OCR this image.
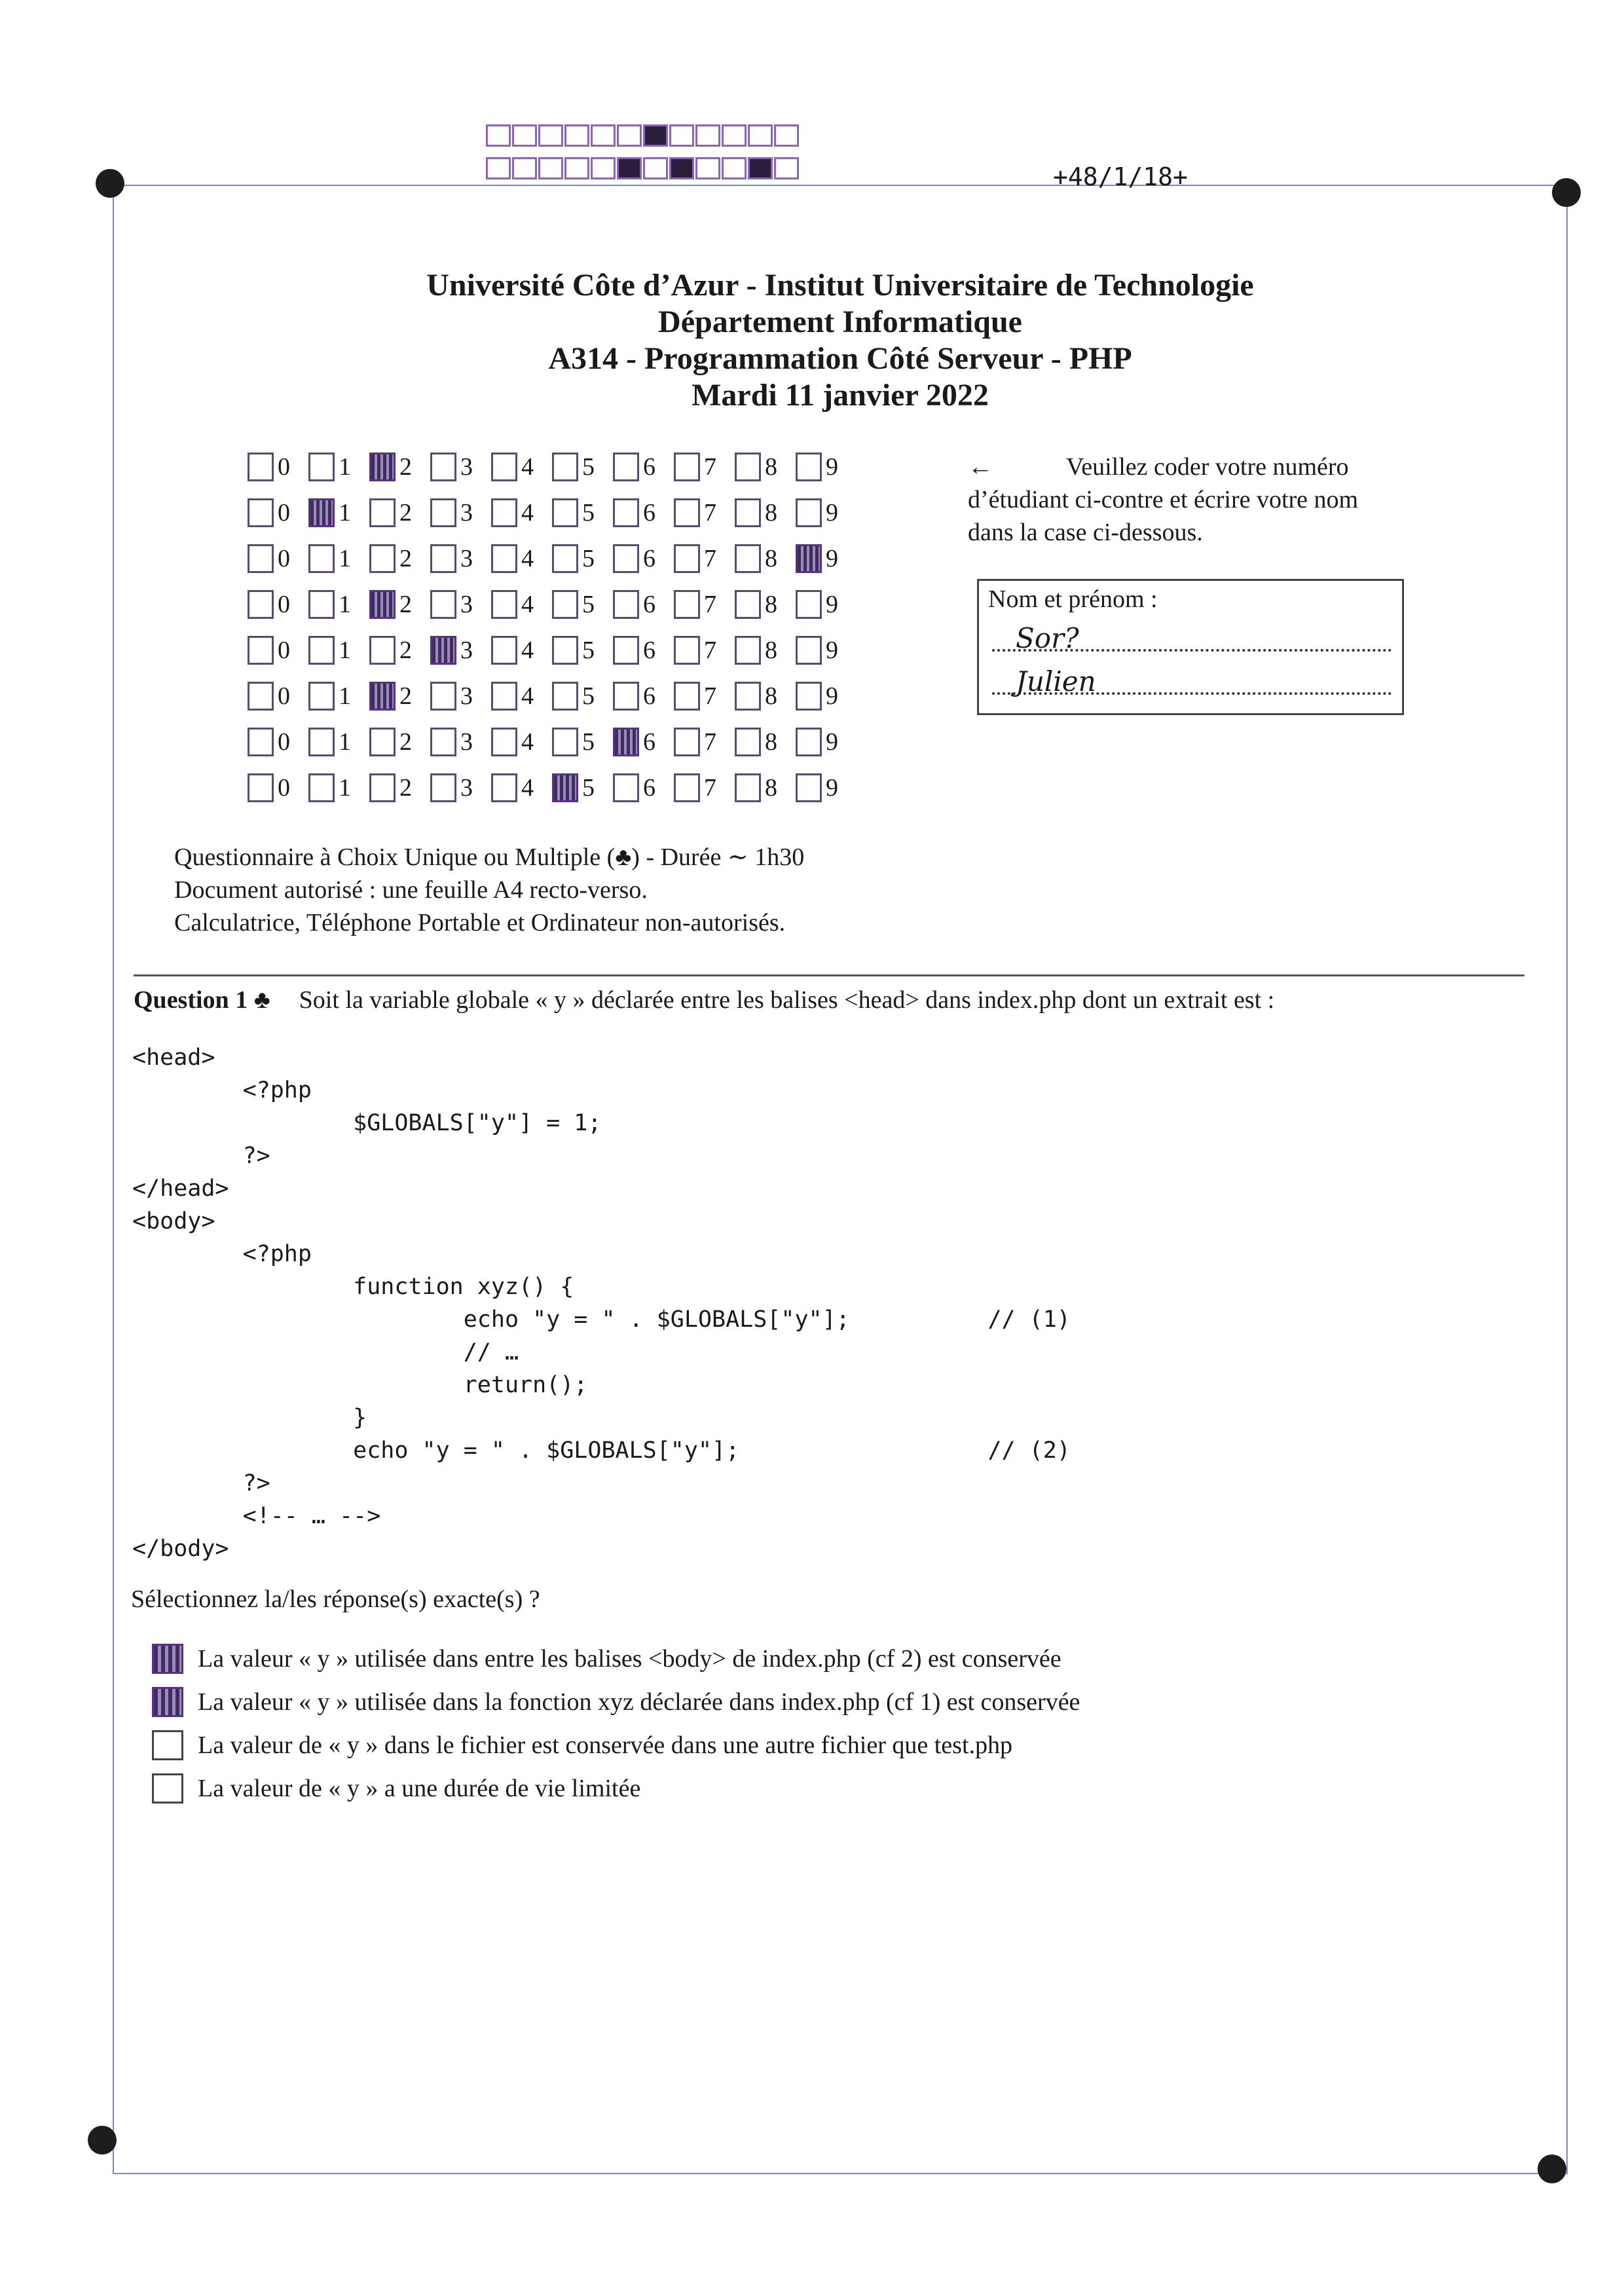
+48/1/18+
Université Côte d’Azur - Institut Universitaire de Technologie
Département Informatique
A314 - Programmation Côté Serveur - PHP
Mardi 11 janvier 2022
0 1 2 3 4 5 6 7 8 9
0 1 2 3 4 5 6 7 8 9
0 1 2 3 4 5 6 7 8 9
0 1 2 3 4 5 6 7 8 9
0 1 2 3 4 5 6 7 8 9
0 1 2 3 4 5 6 7 8 9
0 1 2 3 4 5 6 7 8 9
0 1 2 3 4 5 6 7 8 9
←	Veuillez coder votre numéro
d’étudiant ci-contre et écrire votre nom
dans la case ci-dessous.
Nom et prénom :
Sor?
Julien
Questionnaire à Choix Unique ou Multiple (♣) - Durée ∼ 1h30
Document autorisé : une feuille A4 recto-verso.
Calculatrice, Téléphone Portable et Ordinateur non-autorisés.
Question 1 ♣ Soit la variable globale « y » déclarée entre les balises <head> dans index.php dont un extrait est :
<head>
<?php
$GLOBALS["y"] = 1;
?>
</head>
<body>
<?php
function xyz() {
echo "y = " . $GLOBALS["y"];          // (1)
// …
return();
}
echo "y = " . $GLOBALS["y"];                  // (2)
?>
<!-- … -->
</body>
Sélectionnez la/les réponse(s) exacte(s) ?
La valeur « y » utilisée dans entre les balises <body> de index.php (cf 2) est conservée
La valeur « y » utilisée dans la fonction xyz déclarée dans index.php (cf 1) est conservée
La valeur de « y » dans le fichier est conservée dans une autre fichier que test.php
La valeur de « y » a une durée de vie limitée
